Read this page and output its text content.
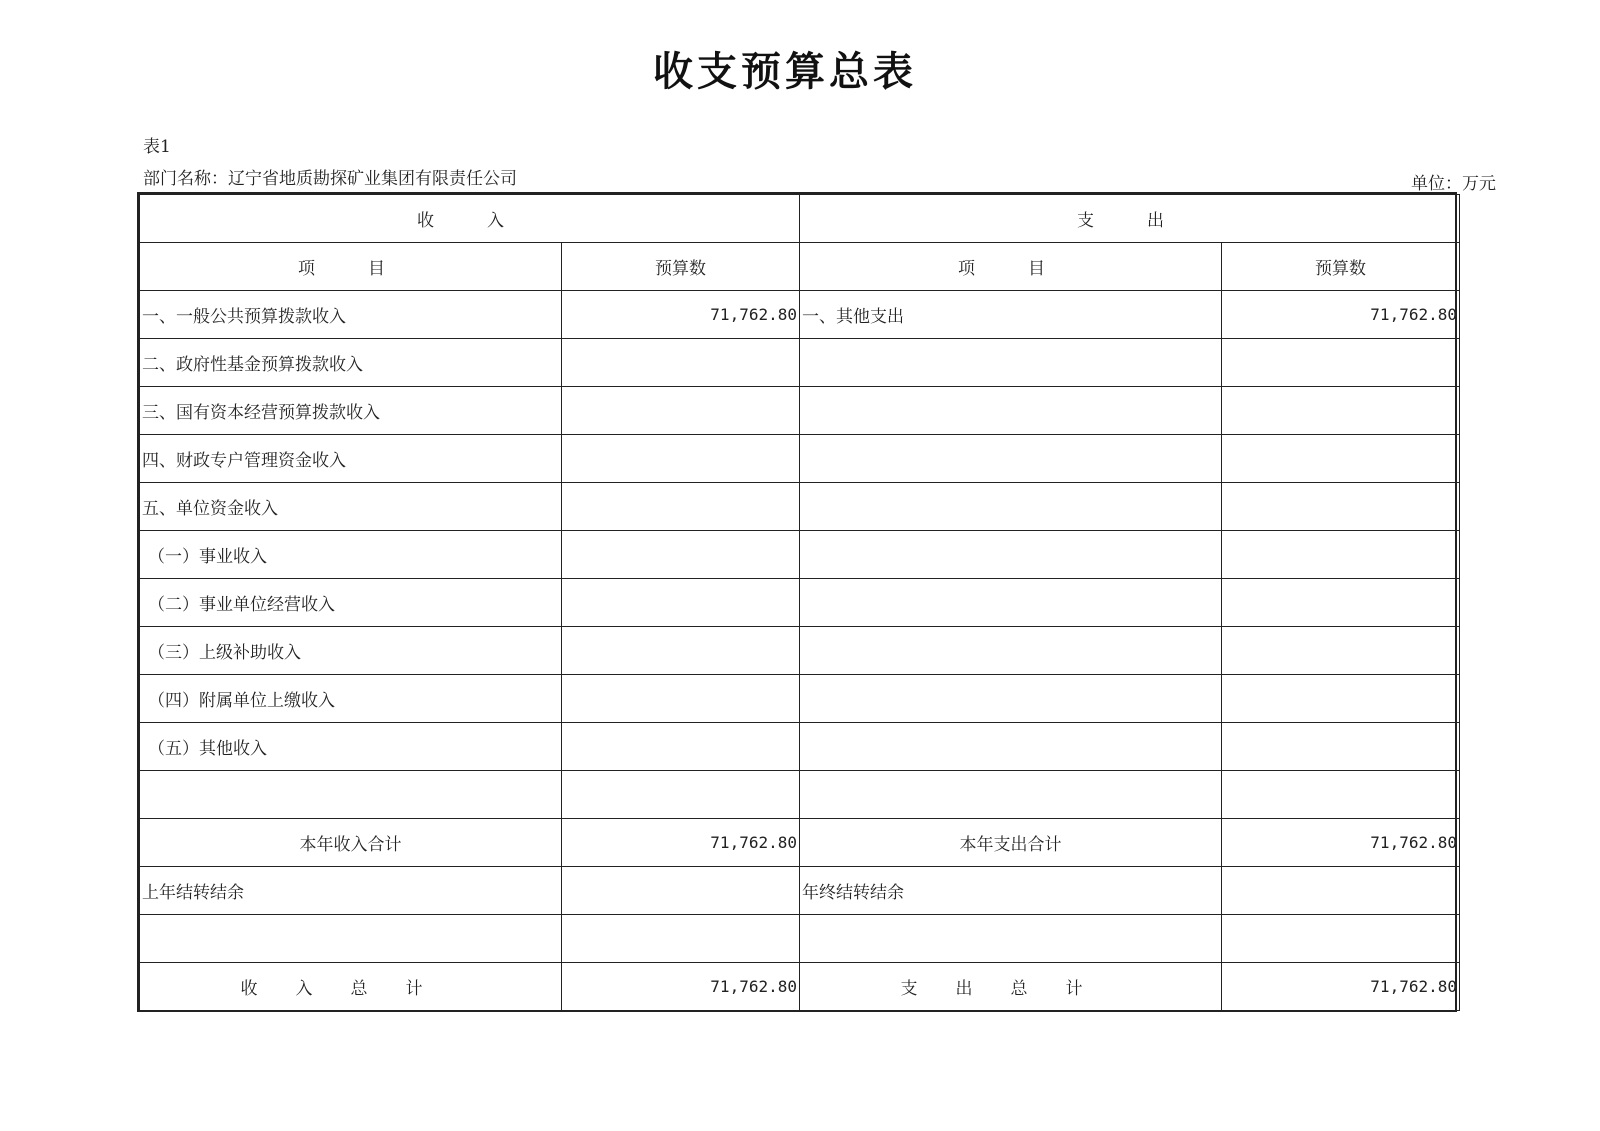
收支预算总表
表1
部门名称：辽宁省地质勘探矿业集团有限责任公司	单位：万元
收　入		支　出	
项　目	预算数	项　目	预算数
一、一般公共预算拨款收入	71,762.80	一、其他支出	71,762.80
二、政府性基金预算拨款收入			
三、国有资本经营预算拨款收入			
四、财政专户管理资金收入			
五、单位资金收入			
（一）事业收入			
（二）事业单位经营收入			
（三）上级补助收入			
（四）附属单位上缴收入			
（五）其他收入			

本年收入合计	71,762.80	本年支出合计	71,762.80
上年结转结余		年终结转结余	

收入总计	71,762.80	支出总计	71,762.80
